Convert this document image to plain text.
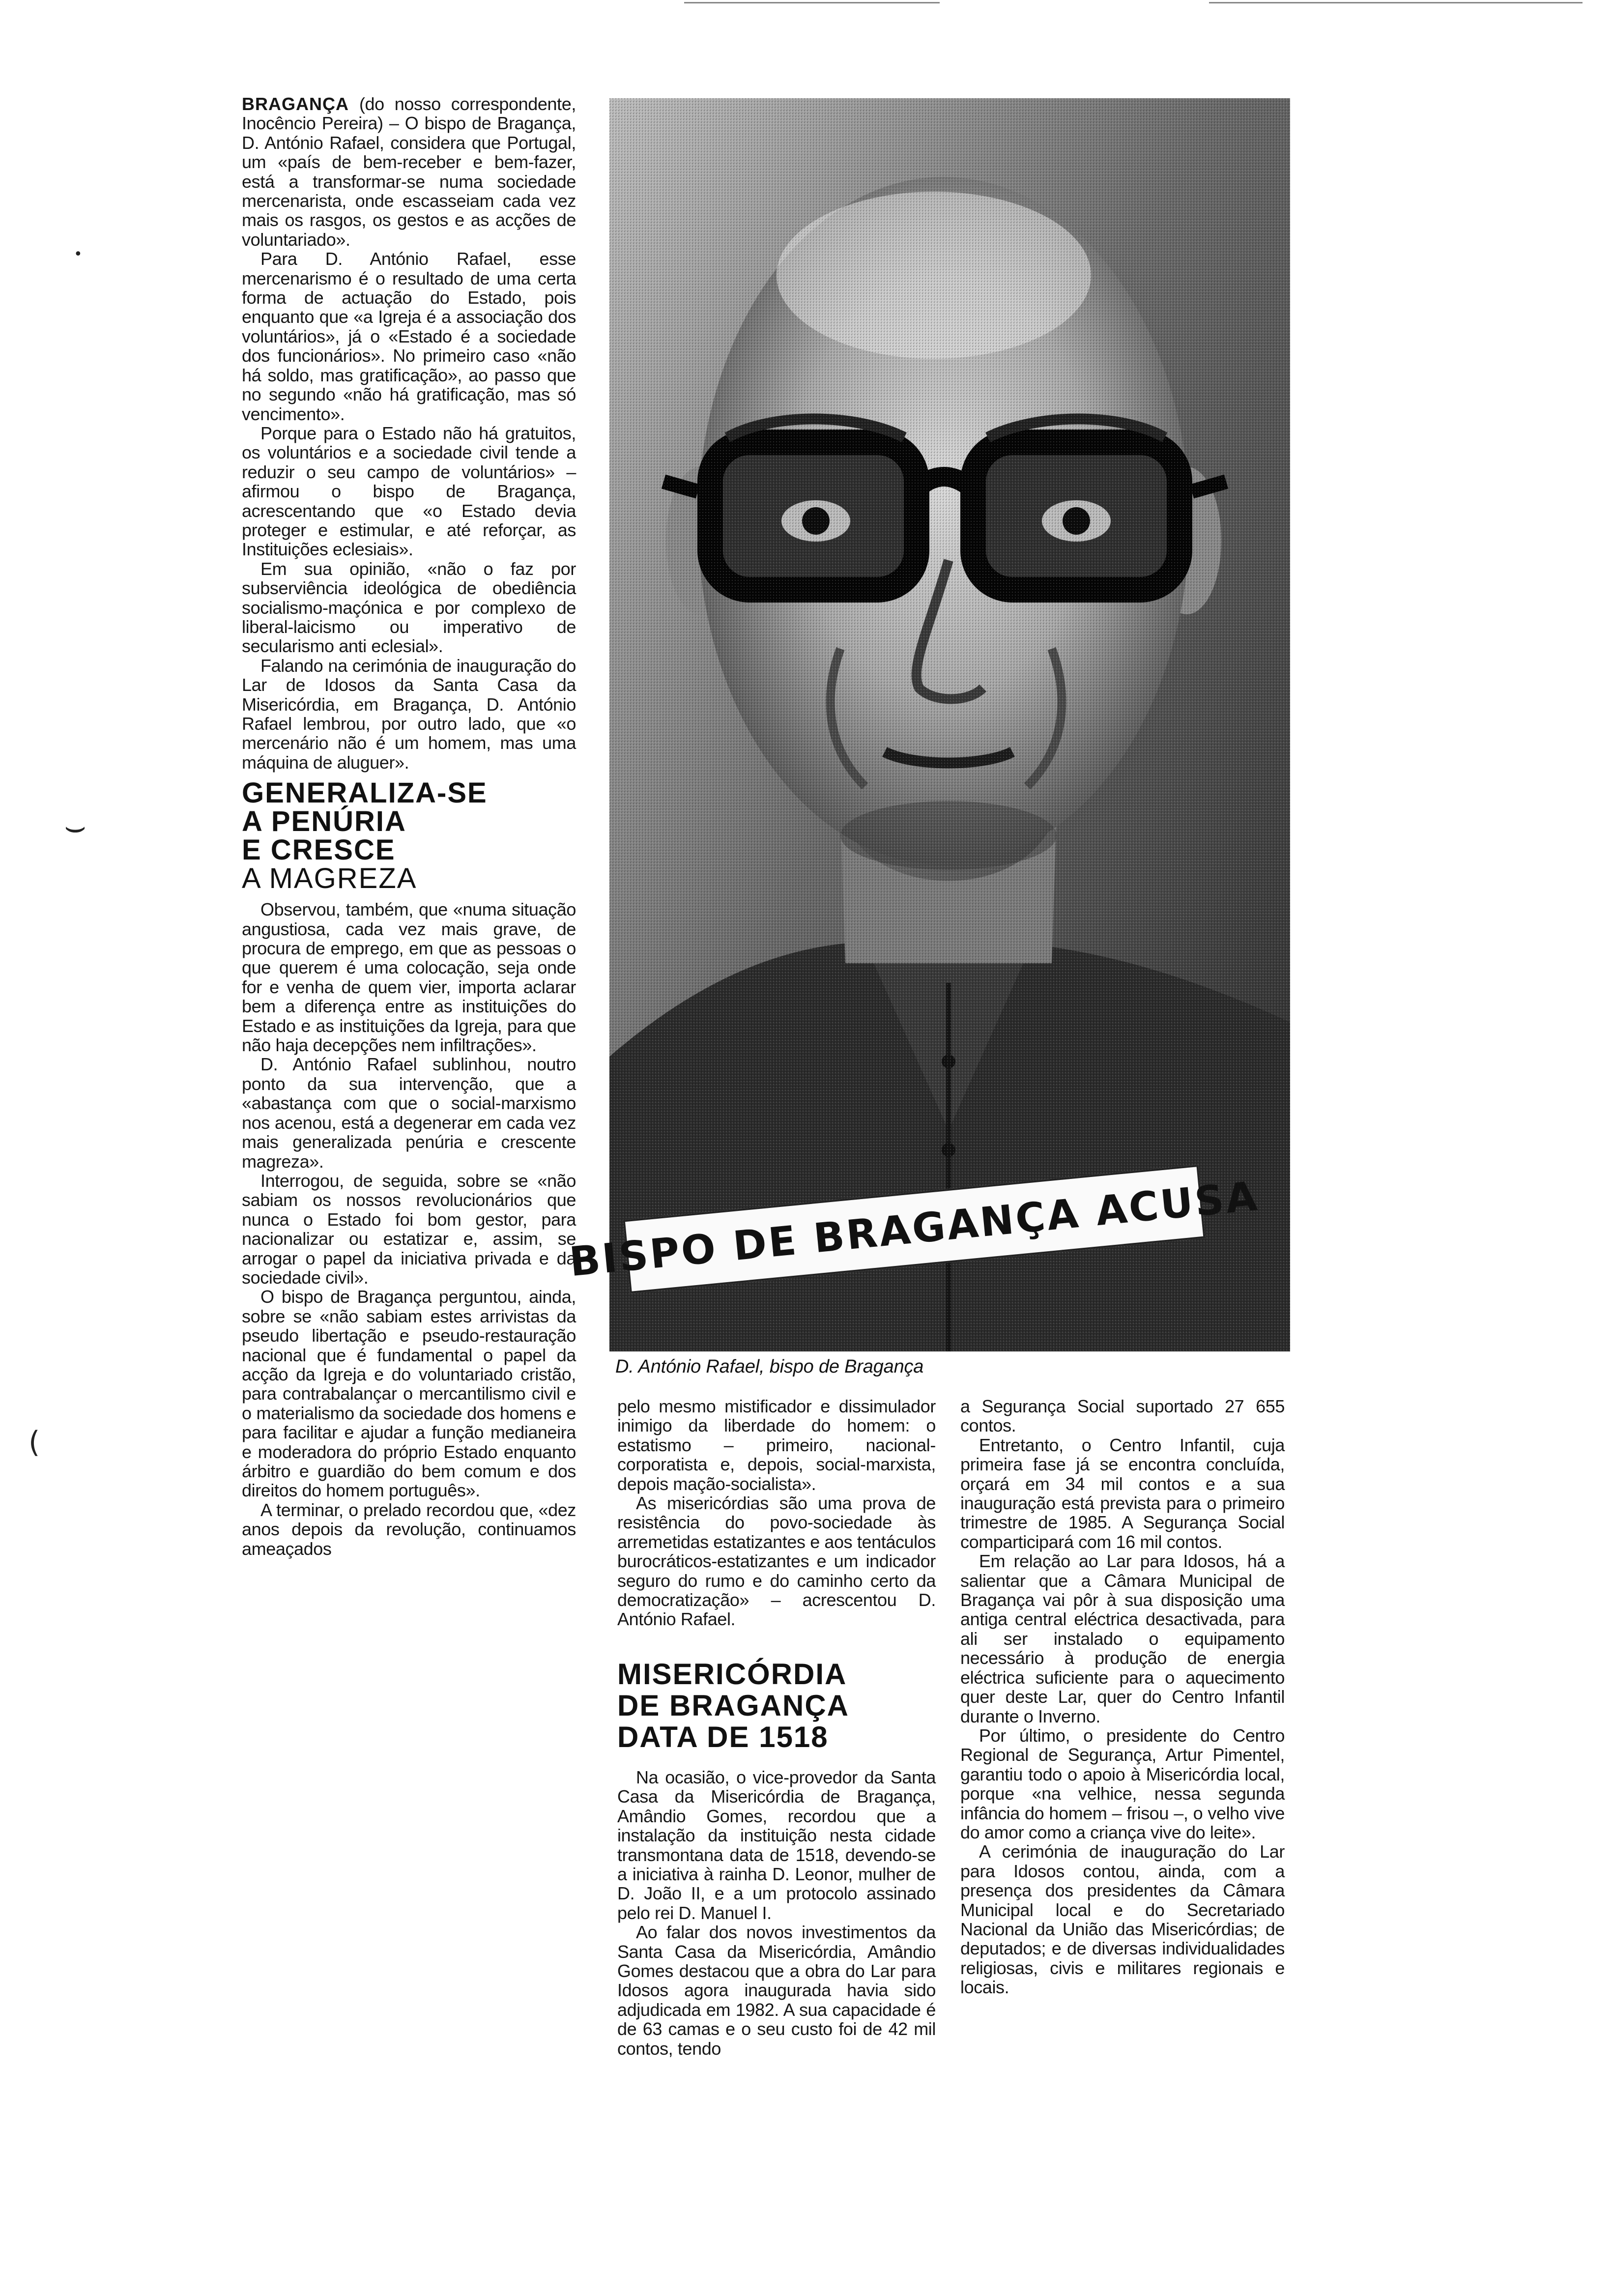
⌣
(
•

BRAGANÇA (do nosso correspondente, Inocêncio Pereira) – O bispo de Bragança, D. António Rafael, considera que Portugal, um «país de bem-receber e bem-fazer, está a transformar-se numa sociedade mercenarista, onde escasseiam cada vez mais os rasgos, os gestos e as acções de voluntariado».

Para D. António Rafael, esse mercenarismo é o resultado de uma certa forma de actuação do Estado, pois enquanto que «a Igreja é a associação dos voluntários», já o «Estado é a sociedade dos funcionários». No primeiro caso «não há soldo, mas gratificação», ao passo que no segundo «não há gratificação, mas só vencimento».

Porque para o Estado não há gratuitos, os voluntários e a sociedade civil tende a reduzir o seu campo de voluntários» – afirmou o bispo de Bragança, acrescentando que «o Estado devia proteger e estimular, e até reforçar, as Instituições eclesiais».

Em sua opinião, «não o faz por subserviência ideológica de obediência socialismo-maçónica e por complexo de liberal-laicismo ou imperativo de secularismo anti eclesial».

Falando na cerimónia de inauguração do Lar de Idosos da Santa Casa da Misericórdia, em Bragança, D. António Rafael lembrou, por outro lado, que «o mercenário não é um homem, mas uma máquina de aluguer».

GENERALIZA-SE
A PENÚRIA
E CRESCE
A MAGREZA

Observou, também, que «numa situação angustiosa, cada vez mais grave, de procura de emprego, em que as pessoas o que querem é uma colocação, seja onde for e venha de quem vier, importa aclarar bem a diferença entre as instituições do Estado e as instituições da Igreja, para que não haja decepções nem infiltrações».

D. António Rafael sublinhou, noutro ponto da sua intervenção, que a «abastança com que o social-marxismo nos acenou, está a degenerar em cada vez mais generalizada penúria e crescente magreza».

Interrogou, de seguida, sobre se «não sabiam os nossos revolucionários que nunca o Estado foi bom gestor, para nacionalizar ou estatizar e, assim, se arrogar o papel da iniciativa privada e da sociedade civil».

O bispo de Bragança perguntou, ainda, sobre se «não sabiam estes arrivistas da pseudo libertação e pseudo-restauração nacional que é fundamental o papel da acção da Igreja e do voluntariado cristão, para contrabalançar o mercantilismo civil e o materialismo da sociedade dos homens e para facilitar e ajudar a função medianeira e moderadora do próprio Estado enquanto árbitro e guardião do bem comum e dos direitos do homem português».

A terminar, o prelado recordou que, «dez anos depois da revolução, continuamos ameaçados

BISPO DE BRAGANÇA ACUSA
D. António Rafael, bispo de Bragança

pelo mesmo mistificador e dissimulador inimigo da liberdade do homem: o estatismo – primeiro, nacional-corporatista e, depois, social-marxista, depois mação-socialista».

As misericórdias são uma prova de resistência do povo-sociedade às arremetidas estatizantes e aos tentáculos burocráticos-estatizantes e um indicador seguro do rumo e do caminho certo da democratização» – acrescentou D. António Rafael.

MISERICÓRDIA
DE BRAGANÇA
DATA DE 1518

Na ocasião, o vice-provedor da Santa Casa da Misericórdia de Bragança, Amândio Gomes, recordou que a instalação da instituição nesta cidade transmontana data de 1518, devendo-se a iniciativa à rainha D. Leonor, mulher de D. João II, e a um protocolo assinado pelo rei D. Manuel I.

Ao falar dos novos investimentos da Santa Casa da Misericórdia, Amândio Gomes destacou que a obra do Lar para Idosos agora inaugurada havia sido adjudicada em 1982. A sua capacidade é de 63 camas e o seu custo foi de 42 mil contos, tendo

a Segurança Social suportado 27 655 contos.

Entretanto, o Centro Infantil, cuja primeira fase já se encontra concluída, orçará em 34 mil contos e a sua inauguração está prevista para o primeiro trimestre de 1985. A Segurança Social comparticipará com 16 mil contos.

Em relação ao Lar para Idosos, há a salientar que a Câmara Municipal de Bragança vai pôr à sua disposição uma antiga central eléctrica desactivada, para ali ser instalado o equipamento necessário à produção de energia eléctrica suficiente para o aquecimento quer deste Lar, quer do Centro Infantil durante o Inverno.

Por último, o presidente do Centro Regional de Segurança, Artur Pimentel, garantiu todo o apoio à Misericórdia local, porque «na velhice, nessa segunda infância do homem – frisou –, o velho vive do amor como a criança vive do leite».

A cerimónia de inauguração do Lar para Idosos contou, ainda, com a presença dos presidentes da Câmara Municipal local e do Secretariado Nacional da União das Misericórdias; de deputados; e de diversas individualidades religiosas, civis e militares regionais e locais.
